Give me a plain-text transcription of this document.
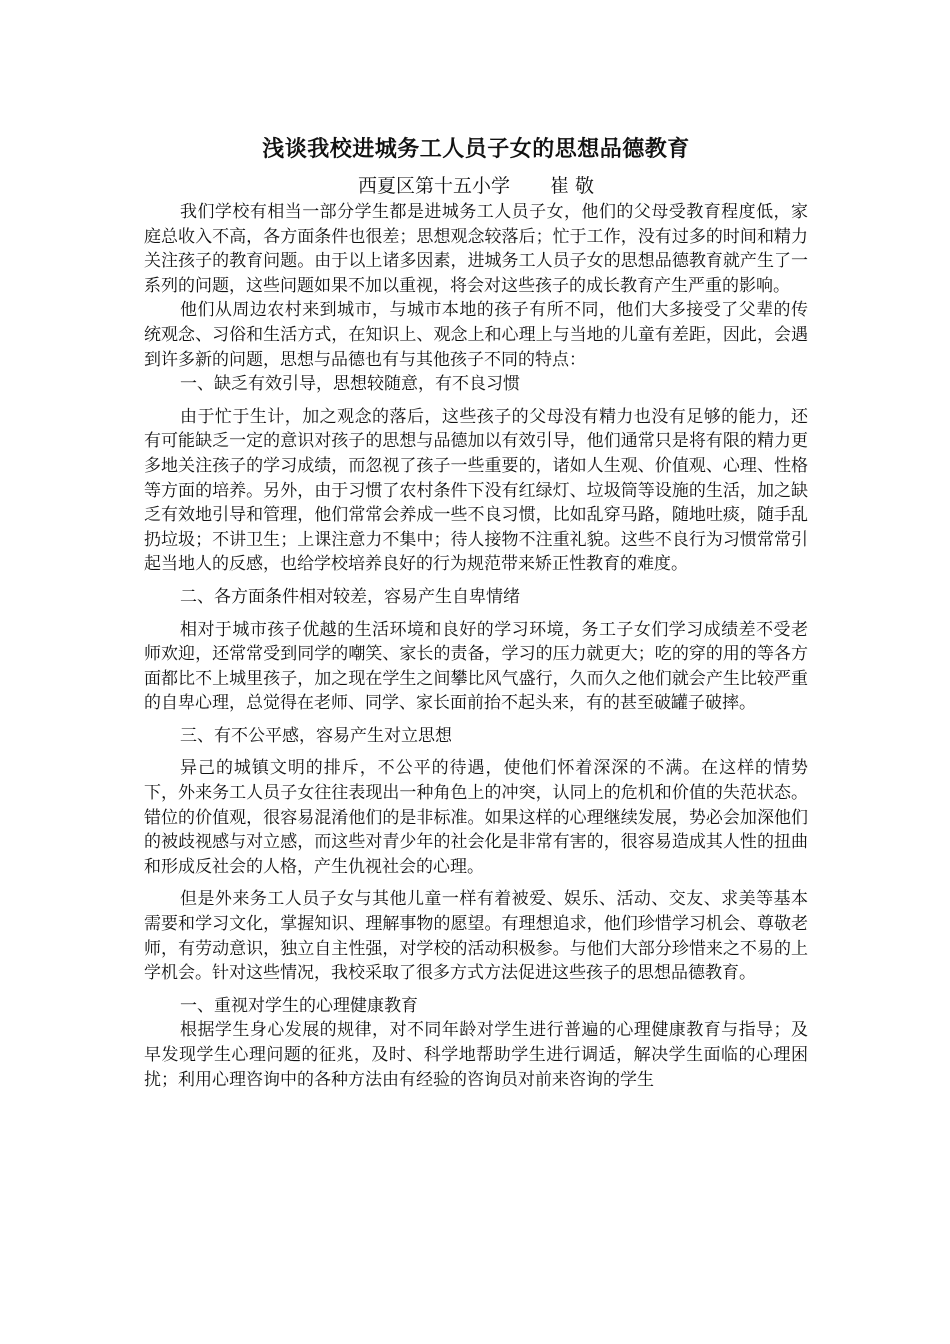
浅谈我校进城务工人员子女的思想品德教育

西夏区第十五小学 崔 敬

我们学校有相当一部分学生都是进城务工人员子女，他们的父母受教育程度低，家庭总收入不高，各方面条件也很差；思想观念较落后；忙于工作，没有过多的时间和精力关注孩子的教育问题。由于以上诸多因素，进城务工人员子女的思想品德教育就产生了一系列的问题，这些问题如果不加以重视，将会对这些孩子的成长教育产生严重的影响。

他们从周边农村来到城市，与城市本地的孩子有所不同，他们大多接受了父辈的传统观念、习俗和生活方式，在知识上、观念上和心理上与当地的儿童有差距，因此，会遇到许多新的问题，思想与品德也有与其他孩子不同的特点：

一、缺乏有效引导，思想较随意，有不良习惯

由于忙于生计，加之观念的落后，这些孩子的父母没有精力也没有足够的能力，还有可能缺乏一定的意识对孩子的思想与品德加以有效引导，他们通常只是将有限的精力更多地关注孩子的学习成绩，而忽视了孩子一些重要的，诸如人生观、价值观、心理、性格等方面的培养。另外，由于习惯了农村条件下没有红绿灯、垃圾筒等设施的生活，加之缺乏有效地引导和管理，他们常常会养成一些不良习惯，比如乱穿马路，随地吐痰，随手乱扔垃圾；不讲卫生；上课注意力不集中；待人接物不注重礼貌。这些不良行为习惯常常引起当地人的反感，也给学校培养良好的行为规范带来矫正性教育的难度。

二、各方面条件相对较差，容易产生自卑情绪

相对于城市孩子优越的生活环境和良好的学习环境，务工子女们学习成绩差不受老师欢迎，还常常受到同学的嘲笑、家长的责备，学习的压力就更大；吃的穿的用的等各方面都比不上城里孩子，加之现在学生之间攀比风气盛行，久而久之他们就会产生比较严重的自卑心理，总觉得在老师、同学、家长面前抬不起头来，有的甚至破罐子破摔。

三、有不公平感，容易产生对立思想

异己的城镇文明的排斥，不公平的待遇，使他们怀着深深的不满。在这样的情势下，外来务工人员子女往往表现出一种角色上的冲突，认同上的危机和价值的失范状态。错位的价值观，很容易混淆他们的是非标准。如果这样的心理继续发展，势必会加深他们的被歧视感与对立感，而这些对青少年的社会化是非常有害的，很容易造成其人性的扭曲和形成反社会的人格，产生仇视社会的心理。

但是外来务工人员子女与其他儿童一样有着被爱、娱乐、活动、交友、求美等基本需要和学习文化，掌握知识、理解事物的愿望。有理想追求，他们珍惜学习机会、尊敬老师，有劳动意识，独立自主性强，对学校的活动积极参。与他们大部分珍惜来之不易的上学机会。针对这些情况，我校采取了很多方式方法促进这些孩子的思想品德教育。

一、重视对学生的心理健康教育

根据学生身心发展的规律，对不同年龄对学生进行普遍的心理健康教育与指导；及早发现学生心理问题的征兆，及时、科学地帮助学生进行调适，解决学生面临的心理困扰；利用心理咨询中的各种方法由有经验的咨询员对前来咨询的学生
